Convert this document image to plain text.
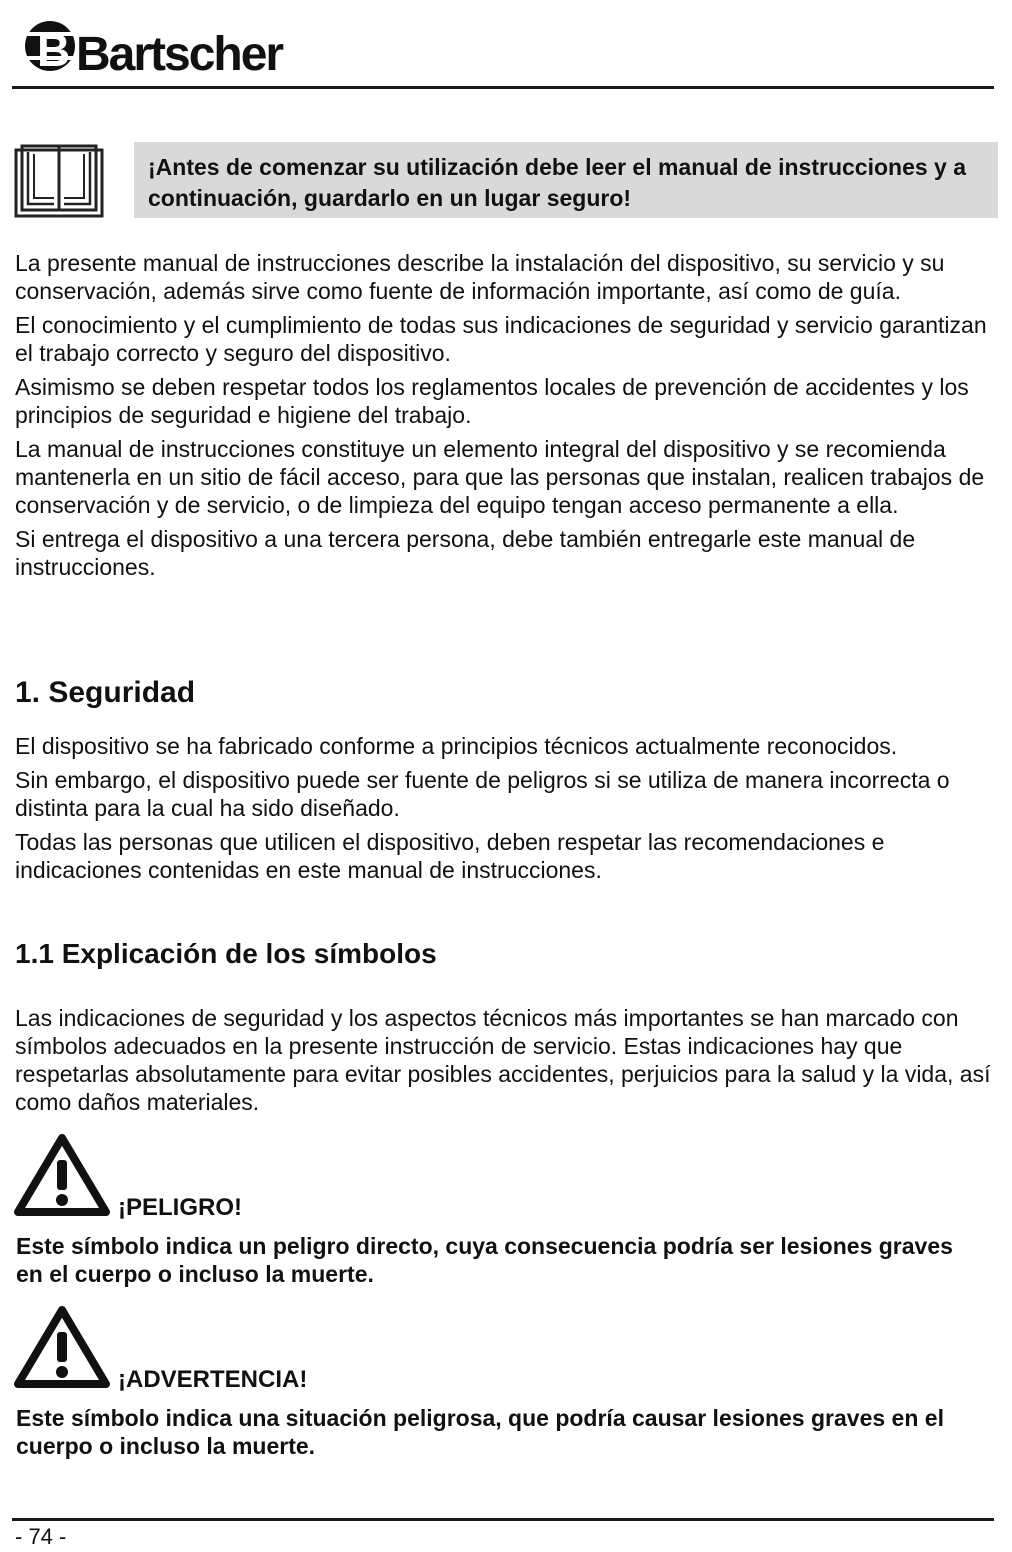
B Bartscher
¡Antes de comenzar su utilización debe leer el manual de instrucciones y a continuación, guardarlo en un lugar seguro!

La presente manual de instrucciones describe la instalación del dispositivo, su servicio y su conservación, además sirve como fuente de información importante, así como de guía.

El conocimiento y el cumplimiento de todas sus indicaciones de seguridad y servicio garantizan el trabajo correcto y seguro del dispositivo.

Asimismo se deben respetar todos los reglamentos locales de prevención de accidentes y los principios de seguridad e higiene del trabajo.

La manual de instrucciones constituye un elemento integral del dispositivo y se recomienda mantenerla en un sitio de fácil acceso, para que las personas que instalan, realicen trabajos de conservación y de servicio, o de limpieza del equipo tengan acceso permanente a ella.

Si entrega el dispositivo a una tercera persona, debe también entregarle este manual de instrucciones.

1. Seguridad

El dispositivo se ha fabricado conforme a principios técnicos actualmente reconocidos.

Sin embargo, el dispositivo puede ser fuente de peligros si se utiliza de manera incorrecta o distinta para la cual ha sido diseñado.

Todas las personas que utilicen el dispositivo, deben respetar las recomendaciones e indicaciones contenidas en este manual de instrucciones.

1.1 Explicación de los símbolos

Las indicaciones de seguridad y los aspectos técnicos más importantes se han marcado con símbolos adecuados en la presente instrucción de servicio. Estas indicaciones hay que respetarlas absolutamente para evitar posibles accidentes, perjuicios para la salud y la vida, así como daños materiales.

¡PELIGRO!
Este símbolo indica un peligro directo, cuya consecuencia podría ser lesiones graves en el cuerpo o incluso la muerte.
¡ADVERTENCIA!
Este símbolo indica una situación peligrosa, que podría causar lesiones graves en el cuerpo o incluso la muerte.
- 74 -
